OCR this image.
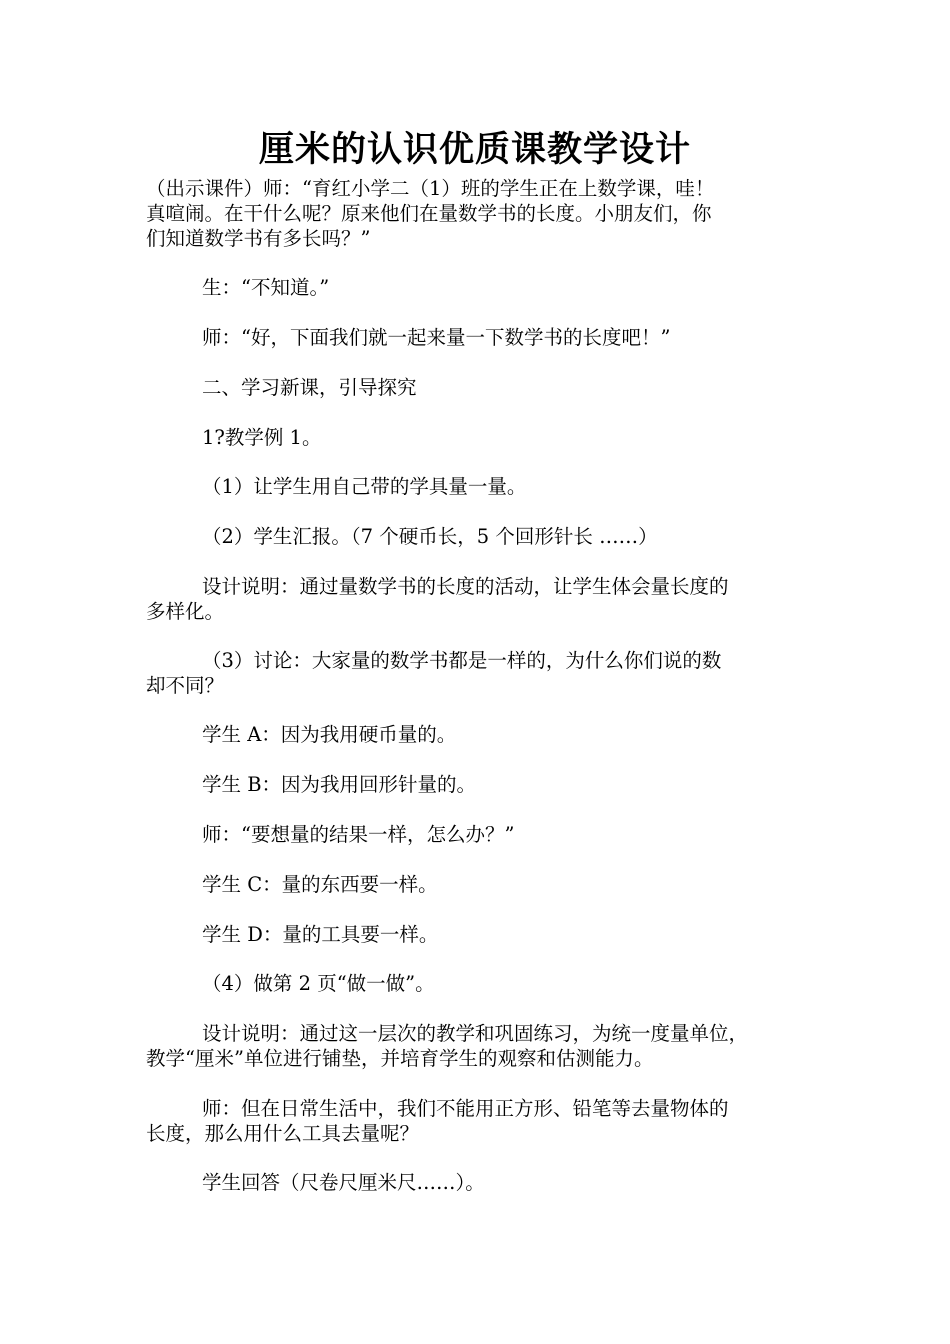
厘米的认识优质课教学设计
（出示课件）师：“育红小学二（1）班的学生正在上数学课，哇！
真喧闹。在干什么呢？原来他们在量数学书的长度。小朋友们，你
们知道数学书有多长吗？”
生：“不知道。”
师：“好，下面我们就一起来量一下数学书的长度吧！”
二、学习新课，引导探究
1?教学例 1。
（1）让学生用自己带的学具量一量。
（2）学生汇报。（7 个硬币长，5 个回形针长 ……）
设计说明：通过量数学书的长度的活动，让学生体会量长度的
多样化。
（3）讨论：大家量的数学书都是一样的，为什么你们说的数
却不同？
学生 A：因为我用硬币量的。
学生 B：因为我用回形针量的。
师：“要想量的结果一样，怎么办？”
学生 C：量的东西要一样。
学生 D：量的工具要一样。
（4）做第 2 页“做一做”。
设计说明：通过这一层次的教学和巩固练习，为统一度量单位，
教学“厘米”单位进行铺垫，并培育学生的观察和估测能力。
师：但在日常生活中，我们不能用正方形、铅笔等去量物体的
长度，那么用什么工具去量呢？
学生回答（尺卷尺厘米尺……）。
